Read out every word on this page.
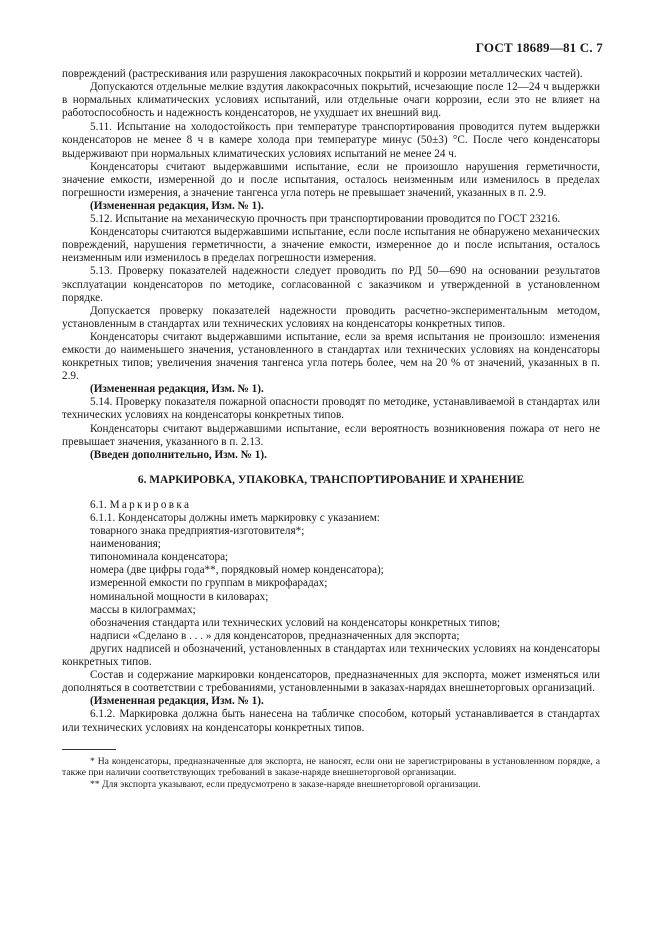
ГОСТ 18689—81 С. 7

повреждений (растрескивания или разрушения лакокрасочных покрытий и коррозии металлических частей).

Допускаются отдельные мелкие вздутия лакокрасочных покрытий, исчезающие после 12—24 ч выдержки в нормальных климатических условиях испытаний, или отдельные очаги коррозии, если это не влияет на работоспособность и надежность конденсаторов, не ухудшает их внешний вид.

5.11. Испытание на холодостойкость при температуре транспортирования проводится путем выдержки конденсаторов не менее 8 ч в камере холода при температуре минус (50±3) °С. После чего конденсаторы выдерживают при нормальных климатических условиях испытаний не менее 24 ч.

Конденсаторы считают выдержавшими испытание, если не произошло нарушения герметичности, значение емкости, измеренной до и после испытания, осталось неизменным или изменилось в пределах погрешности измерения, а значение тангенса угла потерь не превышает значений, указанных в п. 2.9.

(Измененная редакция, Изм. № 1).

5.12. Испытание на механическую прочность при транспортировании проводится по ГОСТ 23216.

Конденсаторы считаются выдержавшими испытание, если после испытания не обнаружено механических повреждений, нарушения герметичности, а значение емкости, измеренное до и после испытания, осталось неизменным или изменилось в пределах погрешности измерения.

5.13. Проверку показателей надежности следует проводить по РД 50—690 на основании результатов эксплуатации конденсаторов по методике, согласованной с заказчиком и утвержденной в установленном порядке.

Допускается проверку показателей надежности проводить расчетно-экспериментальным методом, установленным в стандартах или технических условиях на конденсаторы конкретных типов.

Конденсаторы считают выдержавшими испытание, если за время испытания не произошло: изменения емкости до наименьшего значения, установленного в стандартах или технических условиях на конденсаторы конкретных типов; увеличения значения тангенса угла потерь более, чем на 20 % от значений, указанных в п. 2.9.

(Измененная редакция, Изм. № 1).

5.14. Проверку показателя пожарной опасности проводят по методике, устанавливаемой в стандартах или технических условиях на конденсаторы конкретных типов.

Конденсаторы считают выдержавшими испытание, если вероятность возникновения пожара от него не превышает значения, указанного в п. 2.13.

(Введен дополнительно, Изм. № 1).

6. МАРКИРОВКА, УПАКОВКА, ТРАНСПОРТИРОВАНИЕ И ХРАНЕНИЕ

6.1. Маркировка

6.1.1. Конденсаторы должны иметь маркировку с указанием:

товарного знака предприятия-изготовителя*;

наименования;

типономинала конденсатора;

номера (две цифры года**, порядковый номер конденсатора);

измеренной емкости по группам в микрофарадах;

номинальной мощности в киловарах;

массы в килограммах;

обозначения стандарта или технических условий на конденсаторы конкретных типов;

надписи «Сделано в . . . » для конденсаторов, предназначенных для экспорта;

других надписей и обозначений, установленных в стандартах или технических условиях на конденсаторы конкретных типов.

Состав и содержание маркировки конденсаторов, предназначенных для экспорта, может изменяться или дополняться в соответствии с требованиями, установленными в заказах-нарядах внешнеторговых организаций.

(Измененная редакция, Изм. № 1).

6.1.2. Маркировка должна быть нанесена на табличке способом, который устанавливается в стандартах или технических условиях на конденсаторы конкретных типов.

* На конденсаторы, предназначенные для экспорта, не наносят, если они не зарегистрированы в установленном порядке, а также при наличии соответствующих требований в заказе-наряде внешнеторговой организации.

** Для экспорта указывают, если предусмотрено в заказе-наряде внешнеторговой организации.
